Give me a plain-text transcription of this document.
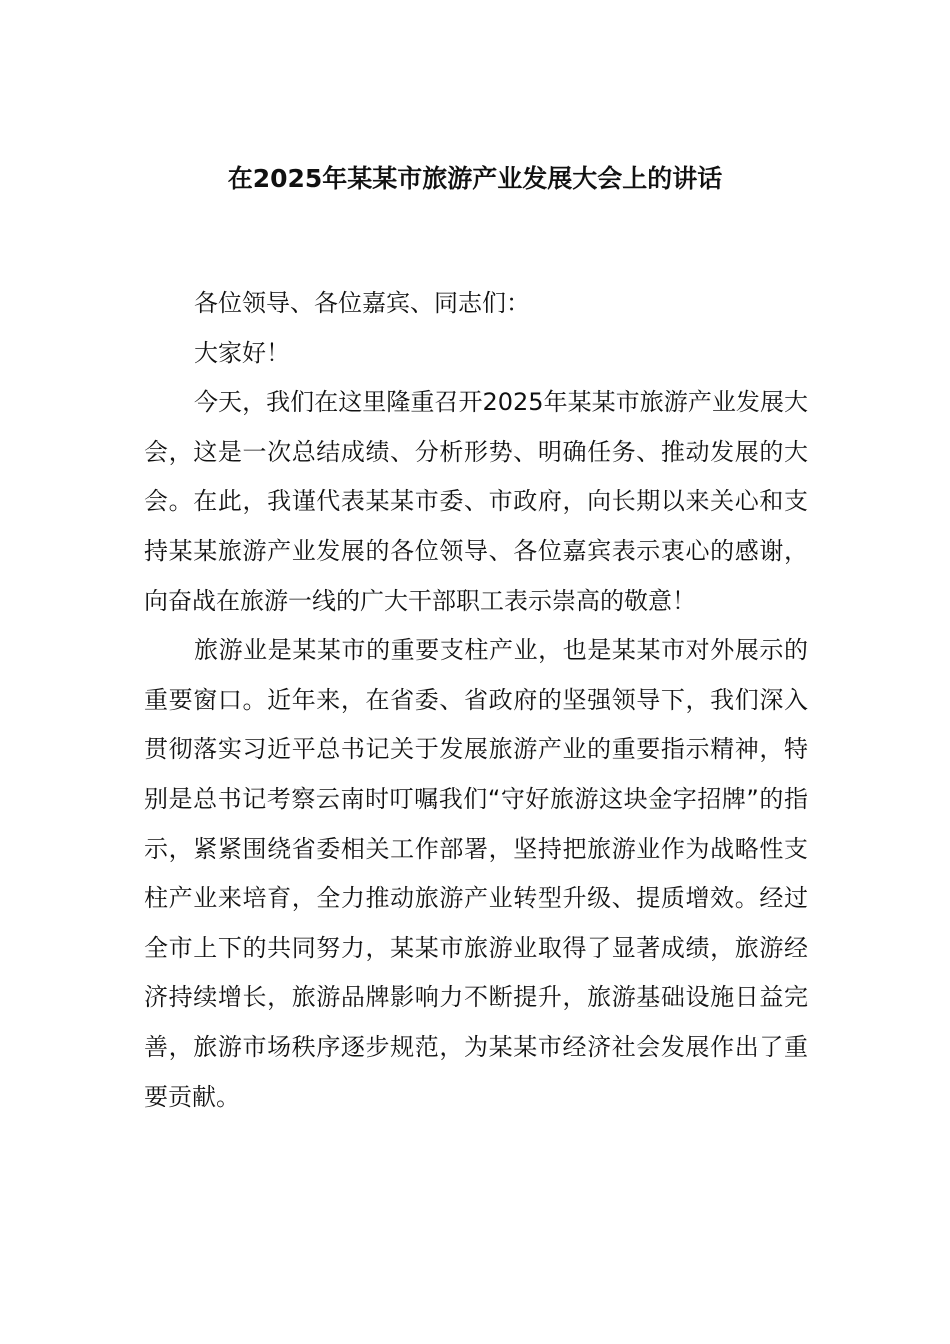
在2025年某某市旅游产业发展大会上的讲话

各位领导、各位嘉宾、同志们：

大家好！

今天，我们在这里隆重召开2025年某某市旅游产业发展大会，这是一次总结成绩、分析形势、明确任务、推动发展的大会。在此，我谨代表某某市委、市政府，向长期以来关心和支持某某旅游产业发展的各位领导、各位嘉宾表示衷心的感谢，向奋战在旅游一线的广大干部职工表示崇高的敬意！

旅游业是某某市的重要支柱产业，也是某某市对外展示的重要窗口。近年来，在省委、省政府的坚强领导下，我们深入贯彻落实习近平总书记关于发展旅游产业的重要指示精神，特别是总书记考察云南时叮嘱我们“守好旅游这块金字招牌”的指示，紧紧围绕省委相关工作部署，坚持把旅游业作为战略性支柱产业来培育，全力推动旅游产业转型升级、提质增效。经过全市上下的共同努力，某某市旅游业取得了显著成绩，旅游经济持续增长，旅游品牌影响力不断提升，旅游基础设施日益完善，旅游市场秩序逐步规范，为某某市经济社会发展作出了重要贡献。
